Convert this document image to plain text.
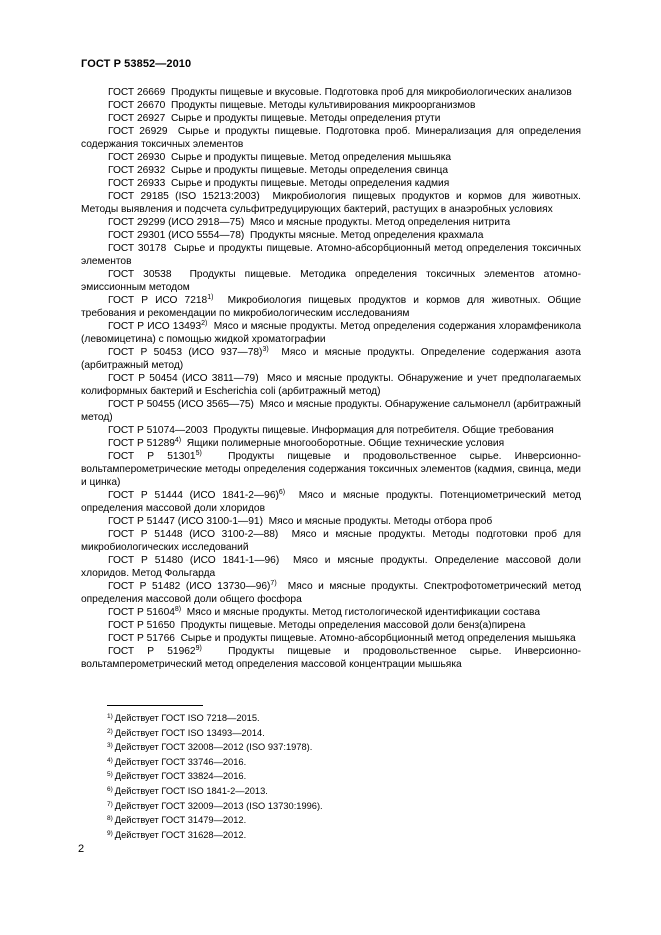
ГОСТ Р 53852—2010

ГОСТ 26669  Продукты пищевые и вкусовые. Подготовка проб для микробиологических анализов

ГОСТ 26670  Продукты пищевые. Методы культивирования микроорганизмов

ГОСТ 26927  Сырье и продукты пищевые. Методы определения ртути

ГОСТ 26929  Сырье и продукты пищевые. Подготовка проб. Минерализация для определения содержания токсичных элементов

ГОСТ 26930  Сырье и продукты пищевые. Метод определения мышьяка

ГОСТ 26932  Сырье и продукты пищевые. Методы определения свинца

ГОСТ 26933  Сырье и продукты пищевые. Методы определения кадмия

ГОСТ 29185 (ISO 15213:2003)  Микробиология пищевых продуктов и кормов для животных. Методы выявления и подсчета сульфитредуцирующих бактерий, растущих в анаэробных условиях

ГОСТ 29299 (ИСО 2918—75)  Мясо и мясные продукты. Метод определения нитрита

ГОСТ 29301 (ИСО 5554—78)  Продукты мясные. Метод определения крахмала

ГОСТ 30178  Сырье и продукты пищевые. Атомно-абсорбционный метод определения токсичных элементов

ГОСТ 30538  Продукты пищевые. Методика определения токсичных элементов атомно-эмиссионным методом

ГОСТ Р ИСО 7218$^{1)}$  Микробиология пищевых продуктов и кормов для животных. Общие требования и рекомендации по микробиологическим исследованиям

ГОСТ Р ИСО 13493$^{2)}$  Мясо и мясные продукты. Метод определения содержания хлорамфеникола (левомицетина) с помощью жидкой хроматографии

ГОСТ Р 50453 (ИСО 937—78)$^{3)}$  Мясо и мясные продукты. Определение содержания азота (арбитражный метод)

ГОСТ Р 50454 (ИСО 3811—79)  Мясо и мясные продукты. Обнаружение и учет предполагаемых колиформных бактерий и Escherichia coli (арбитражный метод)

ГОСТ Р 50455 (ИСО 3565—75)  Мясо и мясные продукты. Обнаружение сальмонелл (арбитражный метод)

ГОСТ Р 51074—2003  Продукты пищевые. Информация для потребителя. Общие требования

ГОСТ Р 51289$^{4)}$  Ящики полимерные многооборотные. Общие технические условия

ГОСТ Р 51301$^{5)}$  Продукты пищевые и продовольственное сырье. Инверсионно-вольтамперометрические методы определения содержания токсичных элементов (кадмия, свинца, меди и цинка)

ГОСТ Р 51444 (ИСО 1841-2—96)$^{6)}$  Мясо и мясные продукты. Потенциометрический метод определения массовой доли хлоридов

ГОСТ Р 51447 (ИСО 3100-1—91)  Мясо и мясные продукты. Методы отбора проб

ГОСТ Р 51448 (ИСО 3100-2—88)  Мясо и мясные продукты. Методы подготовки проб для микробиологических исследований

ГОСТ Р 51480 (ИСО 1841-1—96)  Мясо и мясные продукты. Определение массовой доли хлоридов. Метод Фольгарда

ГОСТ Р 51482 (ИСО 13730—96)$^{7)}$  Мясо и мясные продукты. Спектрофотометрический метод определения массовой доли общего фосфора

ГОСТ Р 51604$^{8)}$  Мясо и мясные продукты. Метод гистологической идентификации состава

ГОСТ Р 51650  Продукты пищевые. Методы определения массовой доли бенз(а)пирена

ГОСТ Р 51766  Сырье и продукты пищевые. Атомно-абсорбционный метод определения мышьяка

ГОСТ Р 51962$^{9)}$  Продукты пищевые и продовольственное сырье. Инверсионно-вольтамперометрический метод определения массовой концентрации мышьяка

$^{1)}$ Действует ГОСТ ISO 7218—2015.

$^{2)}$ Действует ГОСТ ISO 13493—2014.

$^{3)}$ Действует ГОСТ 32008—2012 (ISO 937:1978).

$^{4)}$ Действует ГОСТ 33746—2016.

$^{5)}$ Действует ГОСТ 33824—2016.

$^{6)}$ Действует ГОСТ ISO 1841-2—2013.

$^{7)}$ Действует ГОСТ 32009—2013 (ISO 13730:1996).

$^{8)}$ Действует ГОСТ 31479—2012.

$^{9)}$ Действует ГОСТ 31628—2012.

2
